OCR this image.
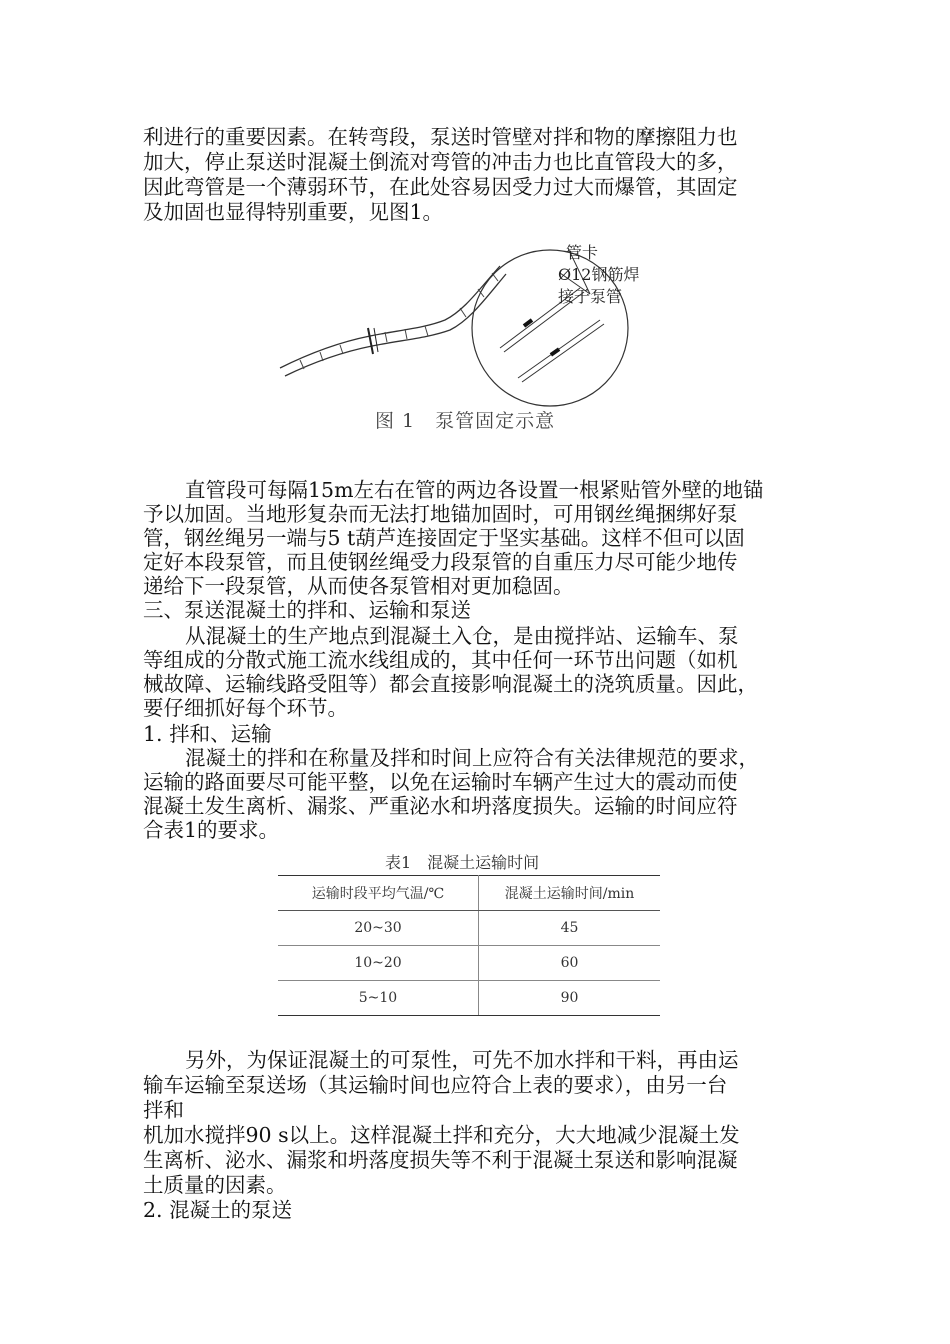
利进行的重要因素。在转弯段，泵送时管壁对拌和物的摩擦阻力也
加大，停止泵送时混凝土倒流对弯管的冲击力也比直管段大的多，
因此弯管是一个薄弱环节，在此处容易因受力过大而爆管，其固定
及加固也显得特别重要，见图1。
管卡
Ø12钢筋焊
接于泵管
图 1　泵管固定示意
直管段可每隔15m左右在管的两边各设置一根紧贴管外壁的地锚
予以加固。当地形复杂而无法打地锚加固时，可用钢丝绳捆绑好泵
管，钢丝绳另一端与5 t葫芦连接固定于坚实基础。这样不但可以固
定好本段泵管，而且使钢丝绳受力段泵管的自重压力尽可能少地传
递给下一段泵管，从而使各泵管相对更加稳固。
三、泵送混凝土的拌和、运输和泵送
从混凝土的生产地点到混凝土入仓，是由搅拌站、运输车、泵
等组成的分散式施工流水线组成的，其中任何一环节出问题（如机
械故障、运输线路受阻等）都会直接影响混凝土的浇筑质量。因此，
要仔细抓好每个环节。
1. 拌和、运输
混凝土的拌和在称量及拌和时间上应符合有关法律规范的要求，
运输的路面要尽可能平整，以免在运输时车辆产生过大的震动而使
混凝土发生离析、漏浆、严重泌水和坍落度损失。运输的时间应符
合表1的要求。
表1　混凝土运输时间
运输时段平均气温/℃	混凝土运输时间/min
20~30	45
10~20	60
5~10	90
另外，为保证混凝土的可泵性，可先不加水拌和干料，再由运
输车运输至泵送场（其运输时间也应符合上表的要求），由另一台
拌和
机加水搅拌90 s以上。这样混凝土拌和充分，大大地减少混凝土发
生离析、泌水、漏浆和坍落度损失等不利于混凝土泵送和影响混凝
土质量的因素。
2. 混凝土的泵送
